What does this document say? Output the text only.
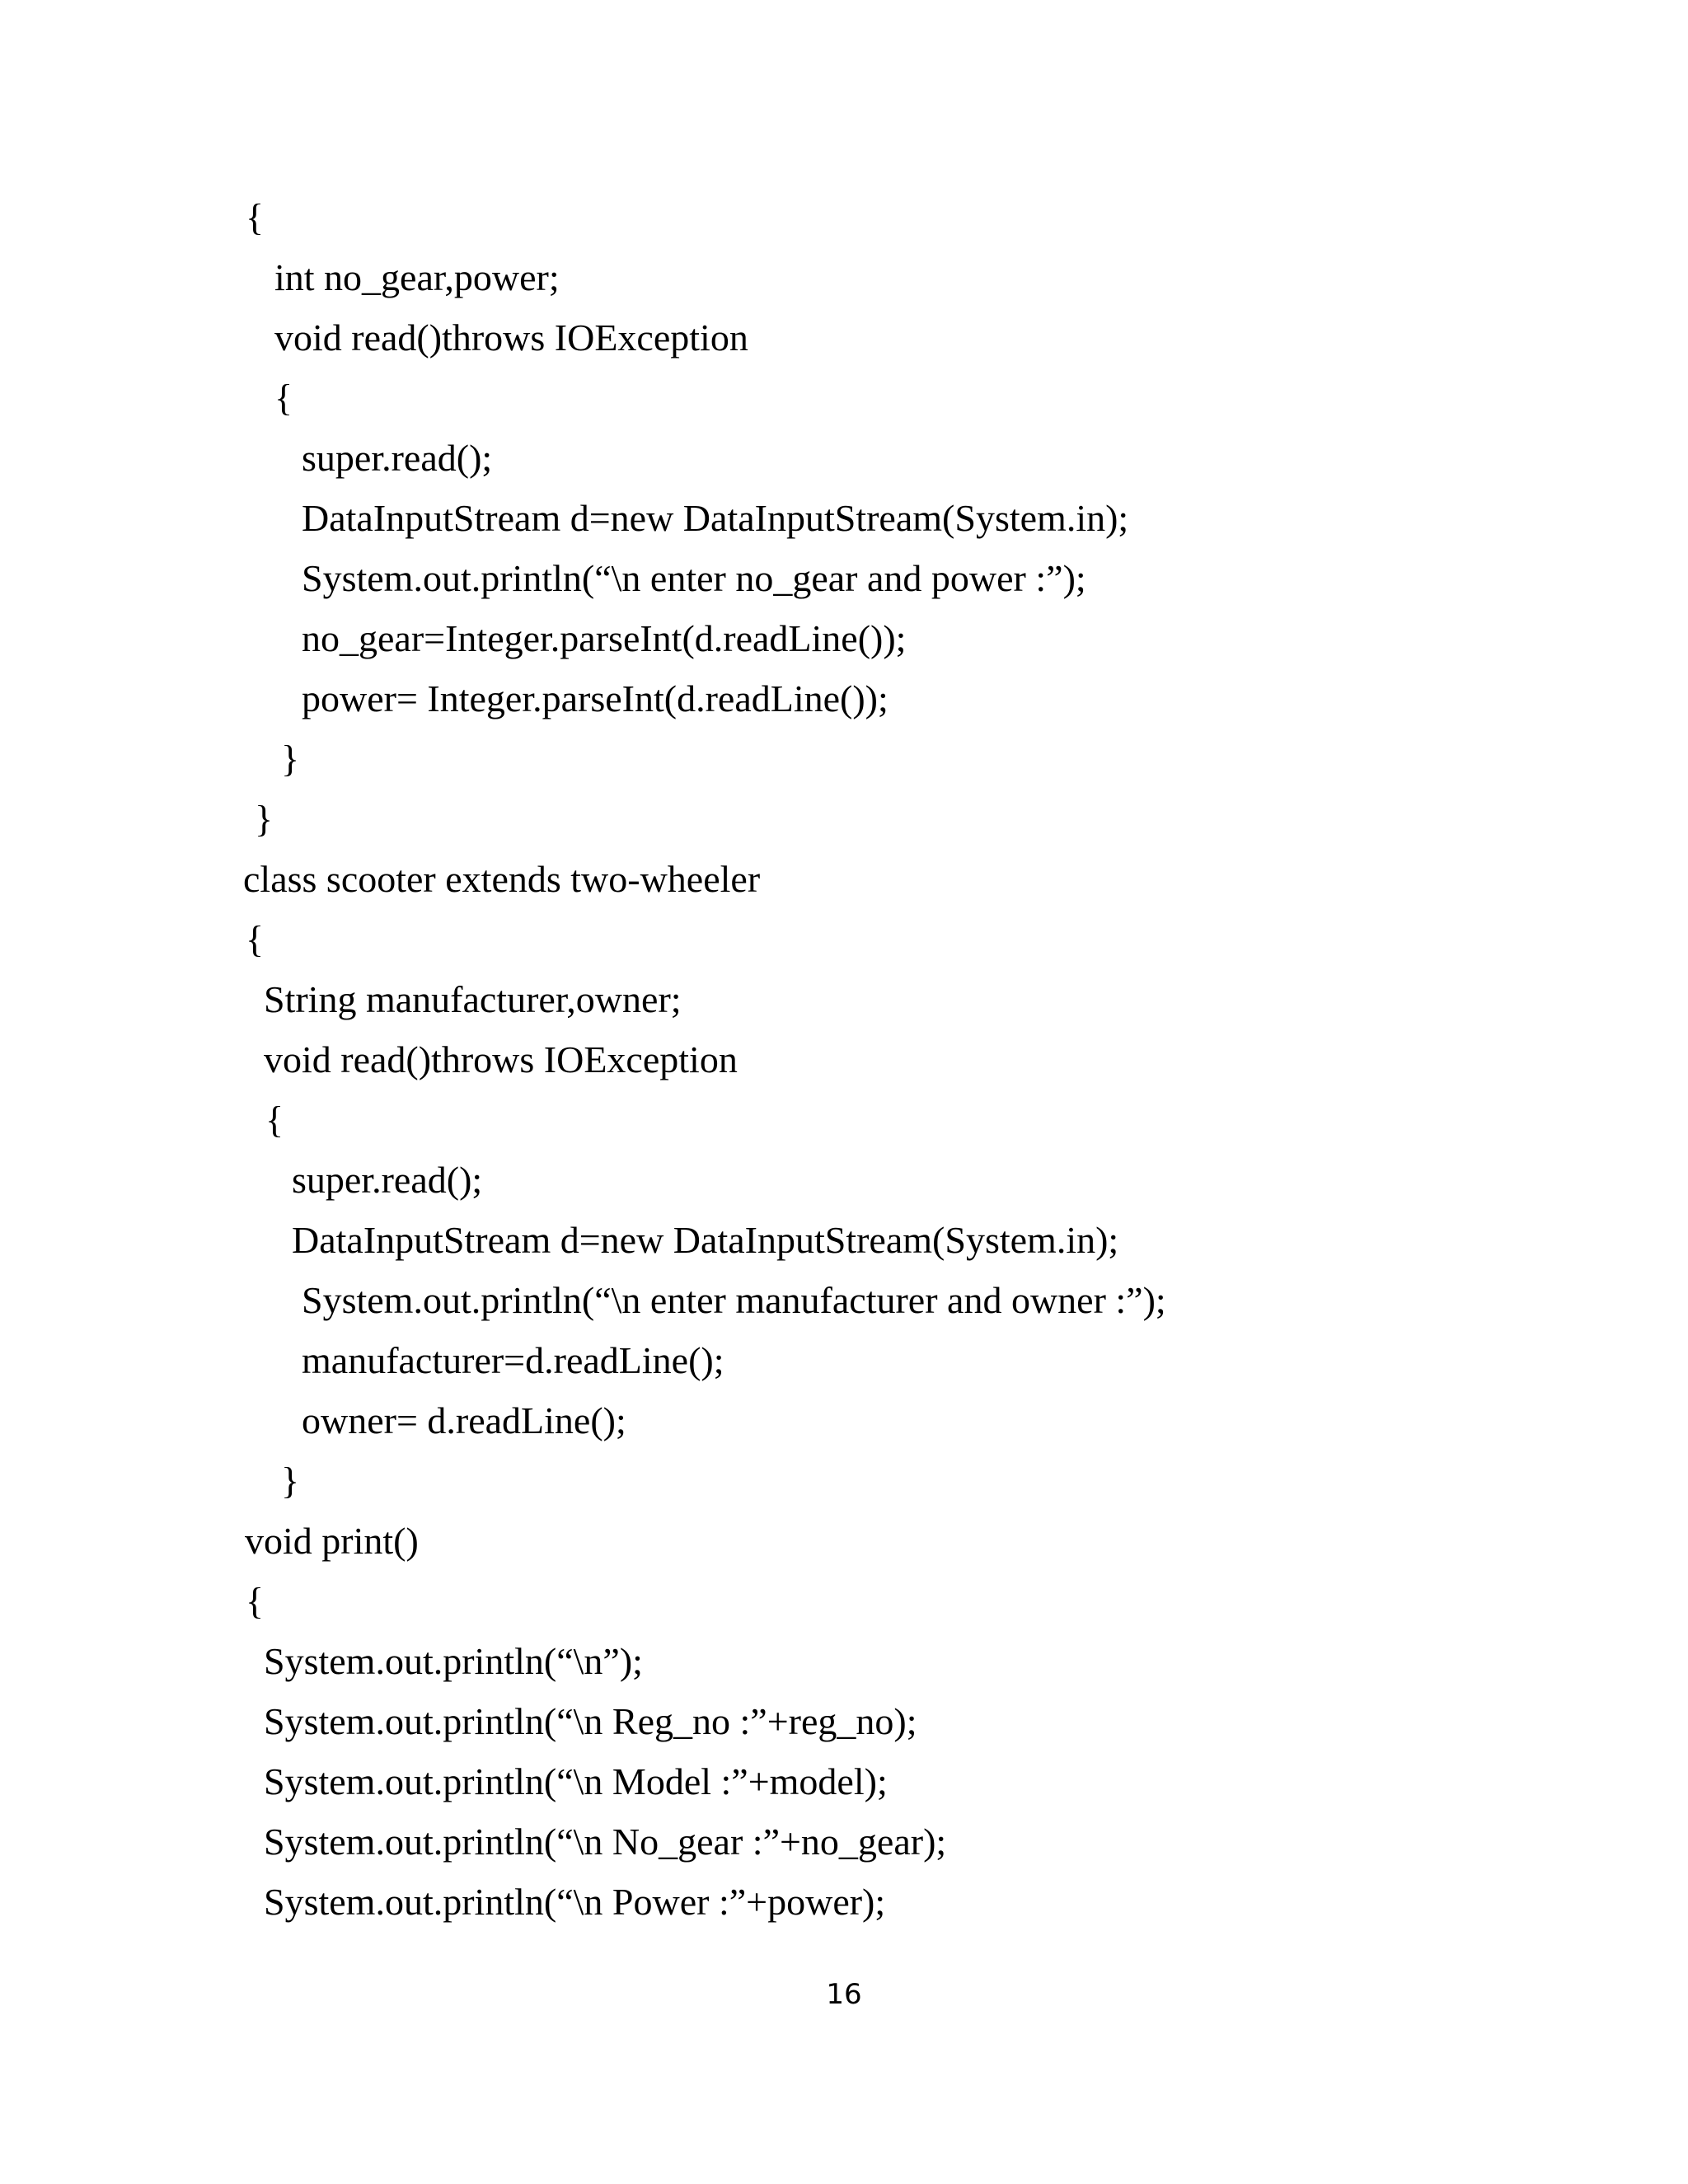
{
int no_gear,power;
void read()throws IOException
{
super.read();
DataInputStream d=new DataInputStream(System.in);
System.out.println(“\n enter no_gear and power :”);
no_gear=Integer.parseInt(d.readLine());
power= Integer.parseInt(d.readLine());
}
}
class scooter extends two-wheeler
{
String manufacturer,owner;
void read()throws IOException
{
super.read();
DataInputStream d=new DataInputStream(System.in);
System.out.println(“\n enter manufacturer and owner :”);
manufacturer=d.readLine();
owner= d.readLine();
}
void print()
{
System.out.println(“\n”);
System.out.println(“\n Reg_no :”+reg_no);
System.out.println(“\n Model :”+model);
System.out.println(“\n No_gear :”+no_gear);
System.out.println(“\n Power :”+power);
16
